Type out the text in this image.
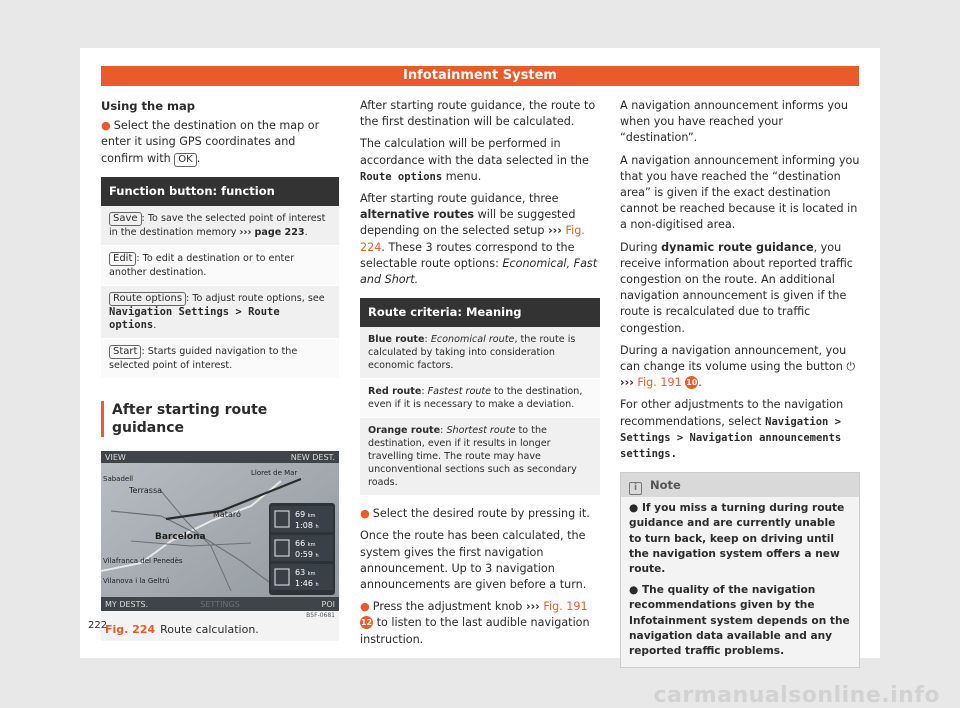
Infotainment System

Using the map

● Select the destination on the map or enter it using GPS coordinates and confirm with OK .

Function button: function
Save : To save the selected point of interest in the destination memory ››› page 223.
Edit : To edit a destination or to enter another destination.
Route options : To adjust route options, see Navigation Settings > Route options.
Start : Starts guided navigation to the selected point of interest.
After starting route guidance
VIEW	NEW DEST.
MY DESTS.	SETTINGS	POI
B5F-0681
Lloret de Mar
Terrassa
Mataró
Barcelona
Sabadell
Vilafranca del Penedès
Vilanova i la Geltrú
69 km
1:08 h
66 km
0:59 h
63 km
1:46 h
Fig. 224 Route calculation.

After starting route guidance, the route to the first destination will be calculated.

The calculation will be performed in accordance with the data selected in the Route options menu.

After starting route guidance, three alternative routes will be suggested depending on the selected setup ››› Fig. 224. These 3 routes correspond to the selectable route options: Economical, Fast and Short.

Route criteria: Meaning
Blue route: Economical route, the route is calculated by taking into consideration economic factors.
Red route: Fastest route to the destination, even if it is necessary to make a deviation.
Orange route: Shortest route to the destination, even if it results in longer travelling time. The route may have unconventional sections such as secondary roads.

● Select the desired route by pressing it.

Once the route has been calculated, the system gives the first navigation announcement. Up to 3 navigation announcements are given before a turn.

● Press the adjustment knob ››› Fig. 191 12 to listen to the last audible navigation instruction.

A navigation announcement informs you when you have reached your “destination”.

A navigation announcement informing you that you have reached the “destination area” is given if the exact destination cannot be reached because it is located in a non-digitised area.

During dynamic route guidance, you receive information about reported traffic congestion on the route. An additional navigation announcement is given if the route is recalculated due to traffic congestion.

During a navigation announcement, you can change its volume using the button ⏻
››› Fig. 191 10.

For other adjustments to the navigation recommendations, select Navigation > Settings > Navigation announcements settings.

i Note
● If you miss a turning during route guidance and are currently unable to turn back, keep on driving until the navigation system offers a new route.
● The quality of the navigation recommendations given by the Infotainment system depends on the navigation data available and any reported traffic problems.
222
carmanualsonline.info
